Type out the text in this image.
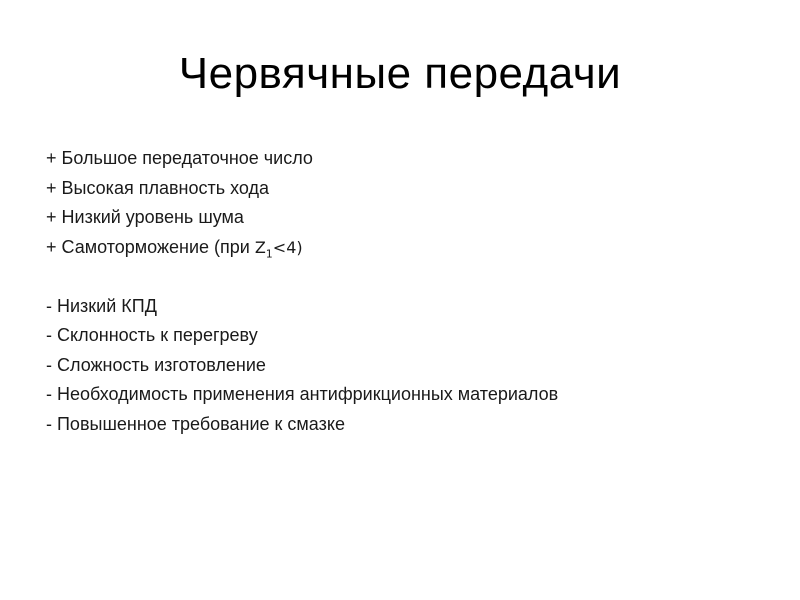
Червячные передачи
+ Большое передаточное число
+ Высокая плавность хода
+ Низкий уровень шума
+ Самоторможение (при $Z_1<4$)
- Низкий КПД
- Склонность к перегреву
- Сложность изготовление
- Необходимость применения антифрикционных материалов
- Повышенное требование к смазке
